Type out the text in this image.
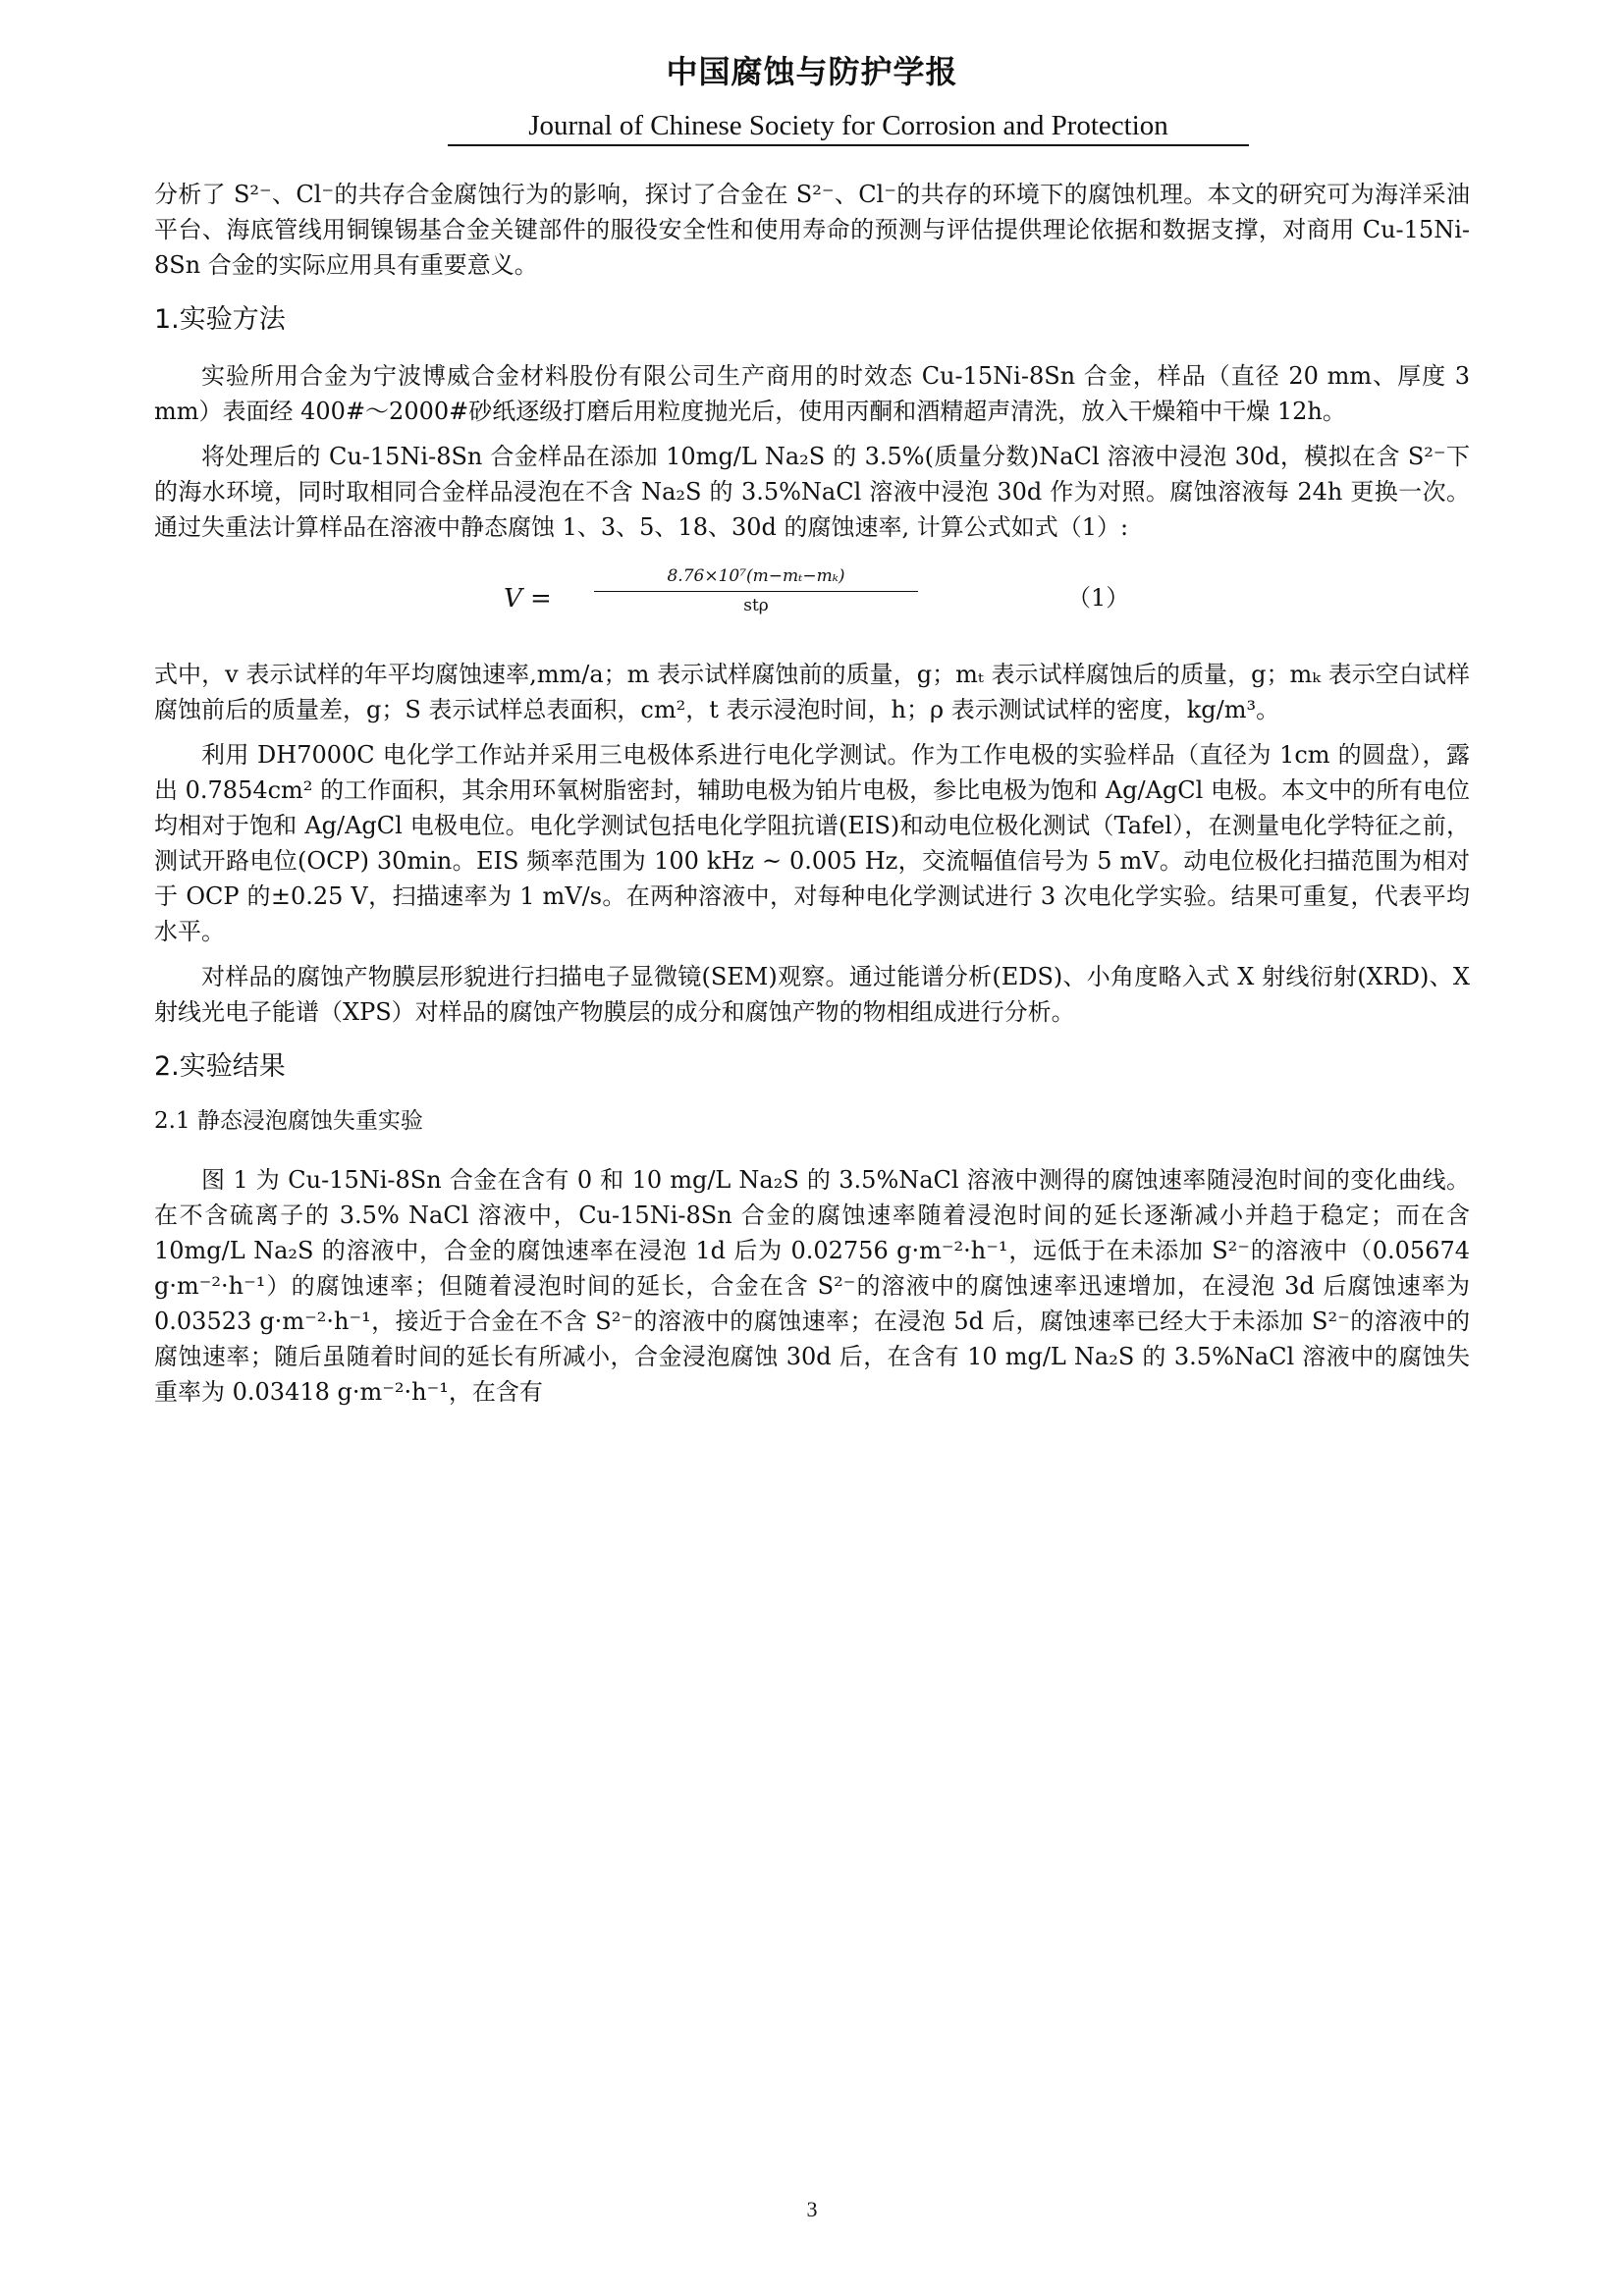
中国腐蚀与防护学报
Journal of Chinese Society for Corrosion and Protection

分析了 S²⁻、Cl⁻的共存合金腐蚀行为的影响，探讨了合金在 S²⁻、Cl⁻的共存的环境下的腐蚀机理。本文的研究可为海洋采油平台、海底管线用铜镍锡基合金关键部件的服役安全性和使用寿命的预测与评估提供理论依据和数据支撑，对商用 Cu-15Ni-8Sn 合金的实际应用具有重要意义。

1.实验方法

实验所用合金为宁波博威合金材料股份有限公司生产商用的时效态 Cu-15Ni-8Sn 合金，样品（直径 20 mm、厚度 3 mm）表面经 400#～2000#砂纸逐级打磨后用粒度抛光后，使用丙酮和酒精超声清洗，放入干燥箱中干燥 12h。

将处理后的 Cu-15Ni-8Sn 合金样品在添加 10mg/L Na₂S 的 3.5%(质量分数)NaCl 溶液中浸泡 30d，模拟在含 S²⁻下的海水环境，同时取相同合金样品浸泡在不含 Na₂S 的 3.5%NaCl 溶液中浸泡 30d 作为对照。腐蚀溶液每 24h 更换一次。通过失重法计算样品在溶液中静态腐蚀 1、3、5、18、30d 的腐蚀速率, 计算公式如式（1）:

V =
8.76×10⁷(m−mₜ−mₖ)
stρ	（1）

式中，v 表示试样的年平均腐蚀速率,mm/a；m 表示试样腐蚀前的质量，g；mₜ 表示试样腐蚀后的质量，g；mₖ 表示空白试样腐蚀前后的质量差，g；S 表示试样总表面积，cm²，t 表示浸泡时间，h；ρ 表示测试试样的密度，kg/m³。

利用 DH7000C 电化学工作站并采用三电极体系进行电化学测试。作为工作电极的实验样品（直径为 1cm 的圆盘），露出 0.7854cm² 的工作面积，其余用环氧树脂密封，辅助电极为铂片电极，参比电极为饱和 Ag/AgCl 电极。本文中的所有电位均相对于饱和 Ag/AgCl 电极电位。电化学测试包括电化学阻抗谱(EIS)和动电位极化测试（Tafel），在测量电化学特征之前，测试开路电位(OCP) 30min。EIS 频率范围为 100 kHz ~ 0.005 Hz，交流幅值信号为 5 mV。动电位极化扫描范围为相对于 OCP 的±0.25 V，扫描速率为 1 mV/s。在两种溶液中，对每种电化学测试进行 3 次电化学实验。结果可重复，代表平均水平。

对样品的腐蚀产物膜层形貌进行扫描电子显微镜(SEM)观察。通过能谱分析(EDS)、小角度略入式 X 射线衍射(XRD)、X 射线光电子能谱（XPS）对样品的腐蚀产物膜层的成分和腐蚀产物的物相组成进行分析。

2.实验结果
2.1 静态浸泡腐蚀失重实验

图 1 为 Cu-15Ni-8Sn 合金在含有 0 和 10 mg/L Na₂S 的 3.5%NaCl 溶液中测得的腐蚀速率随浸泡时间的变化曲线。在不含硫离子的 3.5% NaCl 溶液中，Cu-15Ni-8Sn 合金的腐蚀速率随着浸泡时间的延长逐渐减小并趋于稳定；而在含 10mg/L Na₂S 的溶液中，合金的腐蚀速率在浸泡 1d 后为 0.02756 g·m⁻²·h⁻¹，远低于在未添加 S²⁻的溶液中（0.05674 g·m⁻²·h⁻¹）的腐蚀速率；但随着浸泡时间的延长，合金在含 S²⁻的溶液中的腐蚀速率迅速增加，在浸泡 3d 后腐蚀速率为 0.03523 g·m⁻²·h⁻¹，接近于合金在不含 S²⁻的溶液中的腐蚀速率；在浸泡 5d 后，腐蚀速率已经大于未添加 S²⁻的溶液中的腐蚀速率；随后虽随着时间的延长有所减小，合金浸泡腐蚀 30d 后，在含有 10 mg/L Na₂S 的 3.5%NaCl 溶液中的腐蚀失重率为 0.03418 g·m⁻²·h⁻¹，在含有

3
